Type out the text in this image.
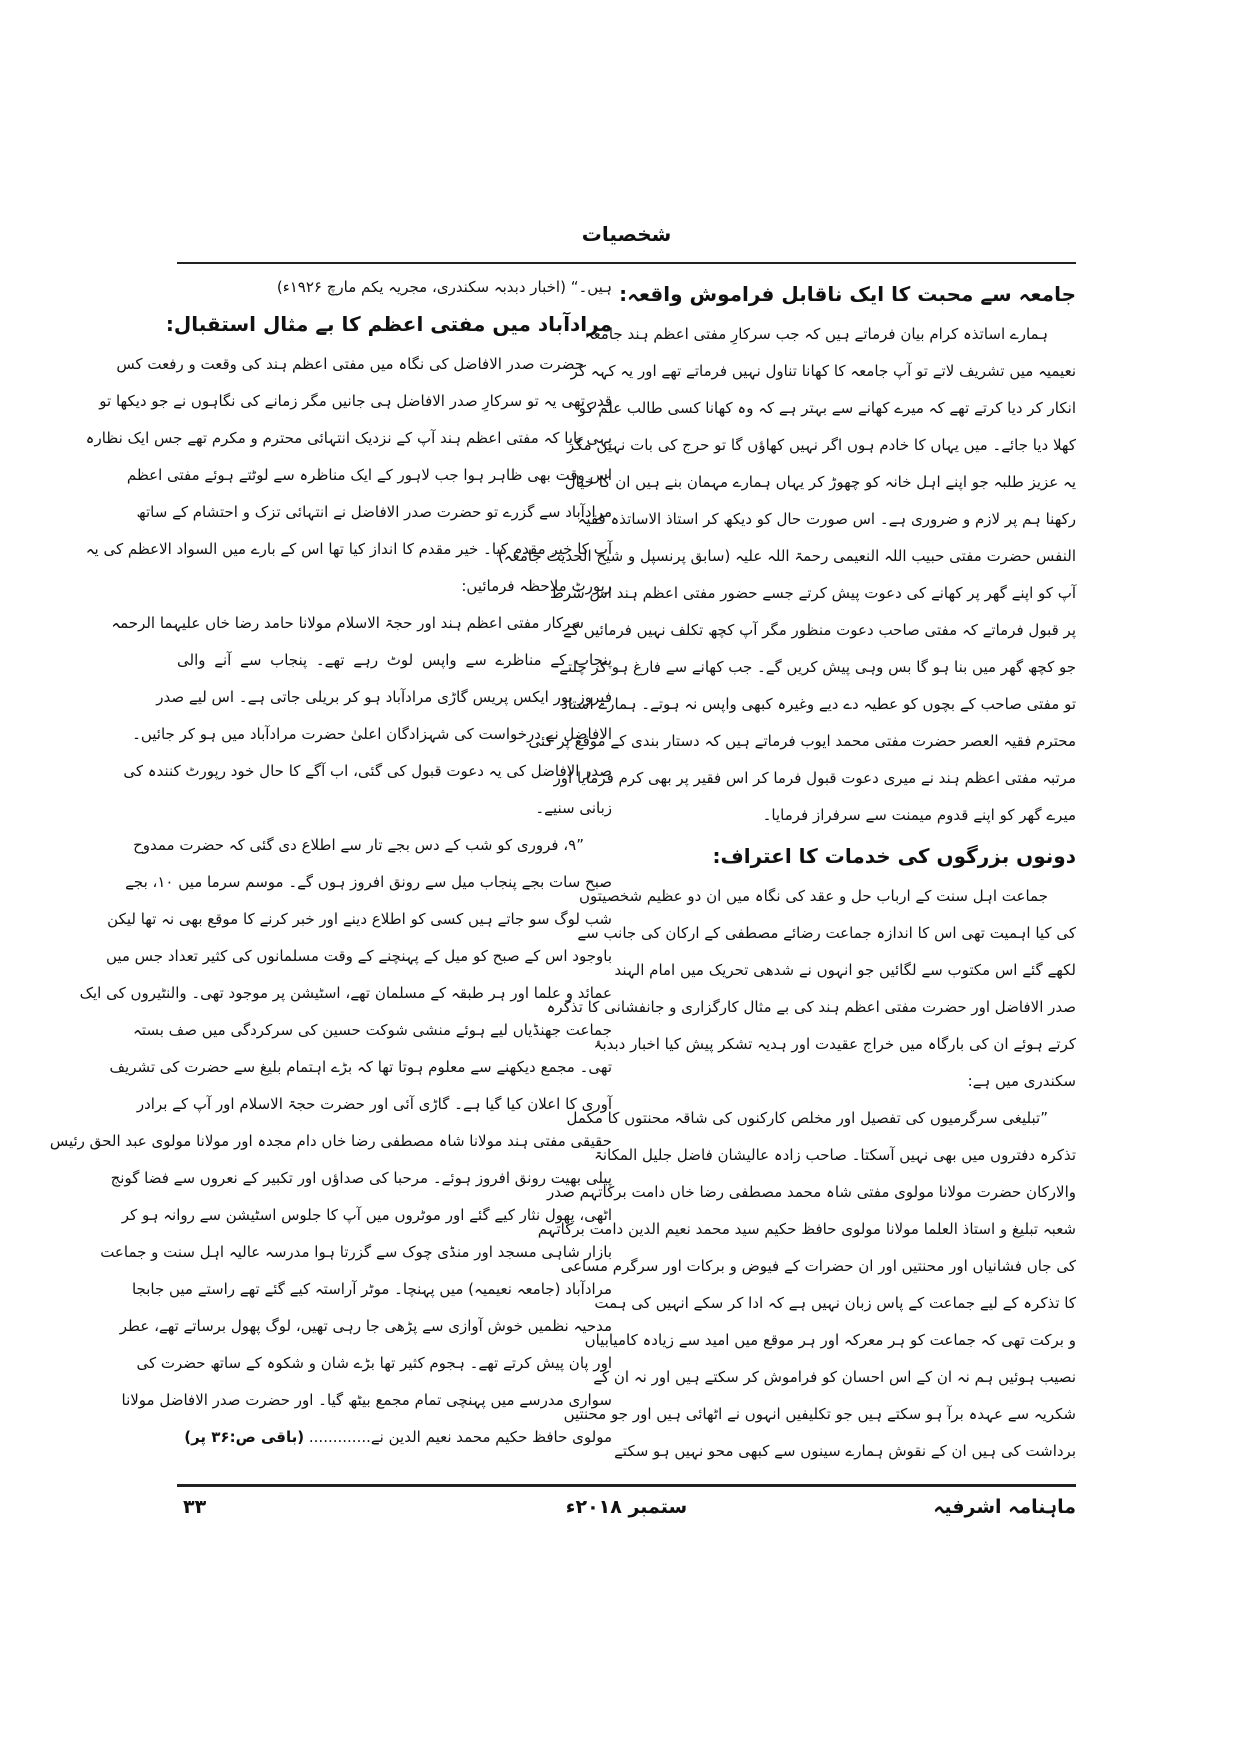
شخصیات
جامعہ سے محبت کا ایک ناقابل فراموش واقعہ:
ہمارے اساتذہ کرام بیان فرماتے ہیں کہ جب سرکارِ مفتی اعظم ہند جامعہ
نعیمیہ میں تشریف لاتے تو آپ جامعہ کا کھانا تناول نہیں فرماتے تھے اور یہ کہہ کر
انکار کر دیا کرتے تھے کہ میرے کھانے سے بہتر ہے کہ وہ کھانا کسی طالب علم کو
کھلا دیا جائے۔ میں یہاں کا خادم ہوں اگر نہیں کھاؤں گا تو حرج کی بات نہیں مگر
یہ عزیز طلبہ جو اپنے اہل خانہ کو چھوڑ کر یہاں ہمارے مہمان بنے ہیں ان کا خیال
رکھنا ہم پر لازم و ضروری ہے۔ اس صورت حال کو دیکھ کر استاذ الاساتذہ فقیہ
النفس حضرت مفتی حبیب اللہ النعیمی رحمۃ اللہ علیہ (سابق پرنسپل و شیخ الحدیث جامعہ)
آپ کو اپنے گھر پر کھانے کی دعوت پیش کرتے جسے حضور مفتی اعظم ہند اس شرط
پر قبول فرماتے کہ مفتی صاحب دعوت منظور مگر آپ کچھ تکلف نہیں فرمائیں گے
جو کچھ گھر میں بنا ہو گا بس وہی پیش کریں گے۔ جب کھانے سے فارغ ہو کر چلتے
تو مفتی صاحب کے بچوں کو عطیہ دے دیے وغیرہ کبھی واپس نہ ہوتے۔ ہمارے استاذ
محترم فقیہ العصر حضرت مفتی محمد ایوب فرماتے ہیں کہ دستار بندی کے موقع پر کئی
مرتبہ مفتی اعظم ہند نے میری دعوت قبول فرما کر اس فقیر پر بھی کرم فرمایا اور
میرے گھر کو اپنے قدوم میمنت سے سرفراز فرمایا۔
دونوں بزرگوں کی خدمات کا اعتراف:
جماعت اہل سنت کے ارباب حل و عقد کی نگاہ میں ان دو عظیم شخصیتوں
کی کیا اہمیت تھی اس کا اندازہ جماعت رضائے مصطفی کے ارکان کی جانب سے
لکھے گئے اس مکتوب سے لگائیں جو انہوں نے شدھی تحریک میں امام الہند
صدر الافاضل اور حضرت مفتی اعظم ہند کی بے مثال کارگزاری و جانفشانی کا تذکرہ
کرتے ہوئے ان کی بارگاہ میں خراج عقیدت اور ہدیہ تشکر پیش کیا اخبار دبدبۂ
سکندری میں ہے:
”تبلیغی سرگرمیوں کی تفصیل اور مخلص کارکنوں کی شاقہ محنتوں کا مکمل
تذکرہ دفتروں میں بھی نہیں آسکتا۔ صاحب زادہ عالیشان فاضل جلیل المکانۃ
والارکان حضرت مولانا مولوی مفتی شاہ محمد مصطفی رضا خاں دامت برکاتہم صدر
شعبہ تبلیغ و استاذ العلما مولانا مولوی حافظ حکیم سید محمد نعیم الدین دامت برکاتہم
کی جاں فشانیاں اور محنتیں اور ان حضرات کے فیوض و برکات اور سرگرم مساعی
کا تذکرہ کے لیے جماعت کے پاس زبان نہیں ہے کہ ادا کر سکے انہیں کی ہمت
و برکت تھی کہ جماعت کو ہر معرکہ اور ہر موقع میں امید سے زیادہ کامیابیاں
نصیب ہوئیں ہم نہ ان کے اس احسان کو فراموش کر سکتے ہیں اور نہ ان کے
شکریہ سے عہدہ برآ ہو سکتے ہیں جو تکلیفیں انہوں نے اٹھائی ہیں اور جو محنتیں
برداشت کی ہیں ان کے نقوش ہمارے سینوں سے کبھی محو نہیں ہو سکتے
ہیں۔“ (اخبار دبدبہ سکندری، مجریہ یکم مارچ ۱۹۲۶ء)
مرادآباد میں مفتی اعظم کا بے مثال استقبال:
حضرت صدر الافاضل کی نگاہ میں مفتی اعظم ہند کی وقعت و رفعت کس
قدر تھی یہ تو سرکارِ صدر الافاضل ہی جانیں مگر زمانے کی نگاہوں نے جو دیکھا تو
یہی پایا کہ مفتی اعظم ہند آپ کے نزدیک انتہائی محترم و مکرم تھے جس ایک نظارہ
اس وقت بھی ظاہر ہوا جب لاہور کے ایک مناظرہ سے لوٹتے ہوئے مفتی اعظم
مرادآباد سے گزرے تو حضرت صدر الافاضل نے انتہائی تزک و احتشام کے ساتھ
آپ کا خیر مقدم کیا۔ خیر مقدم کا انداز کیا تھا اس کے بارے میں السواد الاعظم کی یہ
رپورٹ ملاحظہ فرمائیں:
سرکار مفتی اعظم ہند اور حجۃ الاسلام مولانا حامد رضا خاں علیہما الرحمہ
پنجاب کے مناظرے سے واپس لوٹ رہے تھے۔ پنجاب سے آنے والی
فیروز پور ایکس پریس گاڑی مرادآباد ہو کر بریلی جاتی ہے۔ اس لیے صدر
الافاضل نے درخواست کی شہزادگان اعلیٰ حضرت مرادآباد میں ہو کر جائیں۔
صدر الافاضل کی یہ دعوت قبول کی گئی، اب آگے کا حال خود رپورٹ کنندہ کی
زبانی سنیے۔
”۹، فروری کو شب کے دس بجے تار سے اطلاع دی گئی کہ حضرت ممدوح
صبح سات بجے پنجاب میل سے رونق افروز ہوں گے۔ موسم سرما میں ۱۰، بجے
شب لوگ سو جاتے ہیں کسی کو اطلاع دینے اور خبر کرنے کا موقع بھی نہ تھا لیکن
باوجود اس کے صبح کو میل کے پہنچنے کے وقت مسلمانوں کی کثیر تعداد جس میں
عمائد و علما اور ہر طبقہ کے مسلمان تھے، اسٹیشن پر موجود تھی۔ والنٹیروں کی ایک
جماعت جھنڈیاں لیے ہوئے منشی شوکت حسین کی سرکردگی میں صف بستہ
تھی۔ مجمع دیکھنے سے معلوم ہوتا تھا کہ بڑے اہتمام بلیغ سے حضرت کی تشریف
آوری کا اعلان کیا گیا ہے۔ گاڑی آئی اور حضرت حجۃ الاسلام اور آپ کے برادر
حقیقی مفتی ہند مولانا شاہ مصطفی رضا خاں دام مجدہ اور مولانا مولوی عبد الحق رئیس
پیلی بھیت رونق افروز ہوئے۔ مرحبا کی صداؤں اور تکبیر کے نعروں سے فضا گونج
اٹھی، پھول نثار کیے گئے اور موٹروں میں آپ کا جلوس اسٹیشن سے روانہ ہو کر
بازار شاہی مسجد اور منڈی چوک سے گزرتا ہوا مدرسہ عالیہ اہل سنت و جماعت
مرادآباد (جامعہ نعیمیہ) میں پہنچا۔ موٹر آراستہ کیے گئے تھے راستے میں جابجا
مدحیہ نظمیں خوش آوازی سے پڑھی جا رہی تھیں، لوگ پھول برساتے تھے، عطر
اور پان پیش کرتے تھے۔ ہجوم کثیر تھا بڑے شان و شکوہ کے ساتھ حضرت کی
سواری مدرسے میں پہنچی تمام مجمع بیٹھ گیا۔ اور حضرت صدر الافاضل مولانا
مولوی حافظ حکیم محمد نعیم الدین نے............. (باقی ص:۳۶ پر)
ماہنامہ اشرفیہ
ستمبر ۲۰۱۸ء
۳۳
